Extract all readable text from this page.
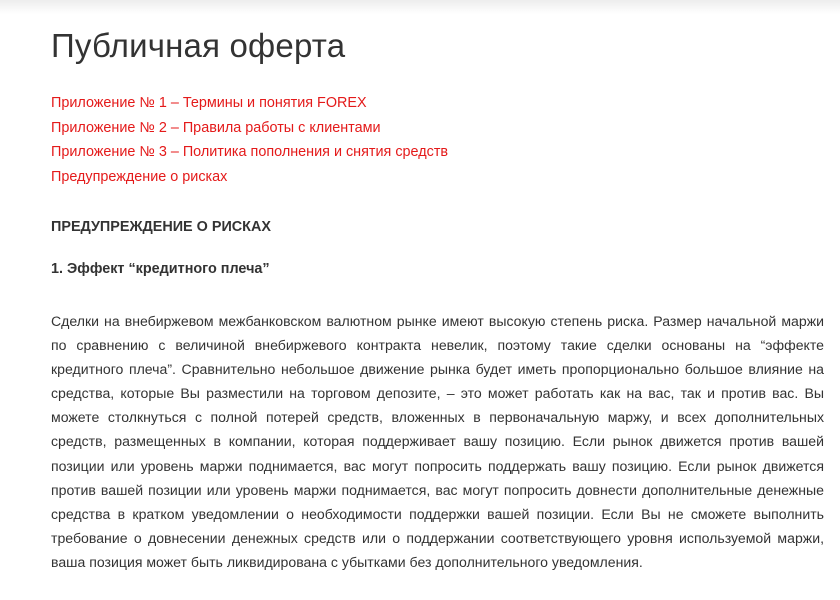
Публичная оферта
Приложение № 1 – Термины и понятия FOREX
Приложение № 2 – Правила работы с клиентами
Приложение № 3 – Политика пополнения и снятия средств
Предупреждение о рисках
ПРЕДУПРЕЖДЕНИЕ О РИСКАХ
1. Эффект “кредитного плеча”

Сделки на внебиржевом межбанковском валютном рынке имеют высокую степень риска. Размер начальной маржи по сравнению с величиной внебиржевого контракта невелик, поэтому такие сделки основаны на “эффекте кредитного плеча”. Сравнительно небольшое движение рынка будет иметь пропорционально большое влияние на средства, которые Вы разместили на торговом депозите, – это может работать как на вас, так и против вас. Вы можете столкнуться с полной потерей средств, вложенных в первоначальную маржу, и всех дополнительных средств, размещенных в компании, которая поддерживает вашу позицию. Если рынок движется против вашей позиции или уровень маржи поднимается, вас могут попросить поддержать вашу позицию. Если рынок движется против вашей позиции или уровень маржи поднимается, вас могут попросить довнести дополнительные денежные средства в кратком уведомлении о необходимости поддержки вашей позиции. Если Вы не сможете выполнить требование о довнесении денежных средств или о поддержании соответствующего уровня используемой маржи, ваша позиция может быть ликвидирована с убытками без дополнительного уведомления.
